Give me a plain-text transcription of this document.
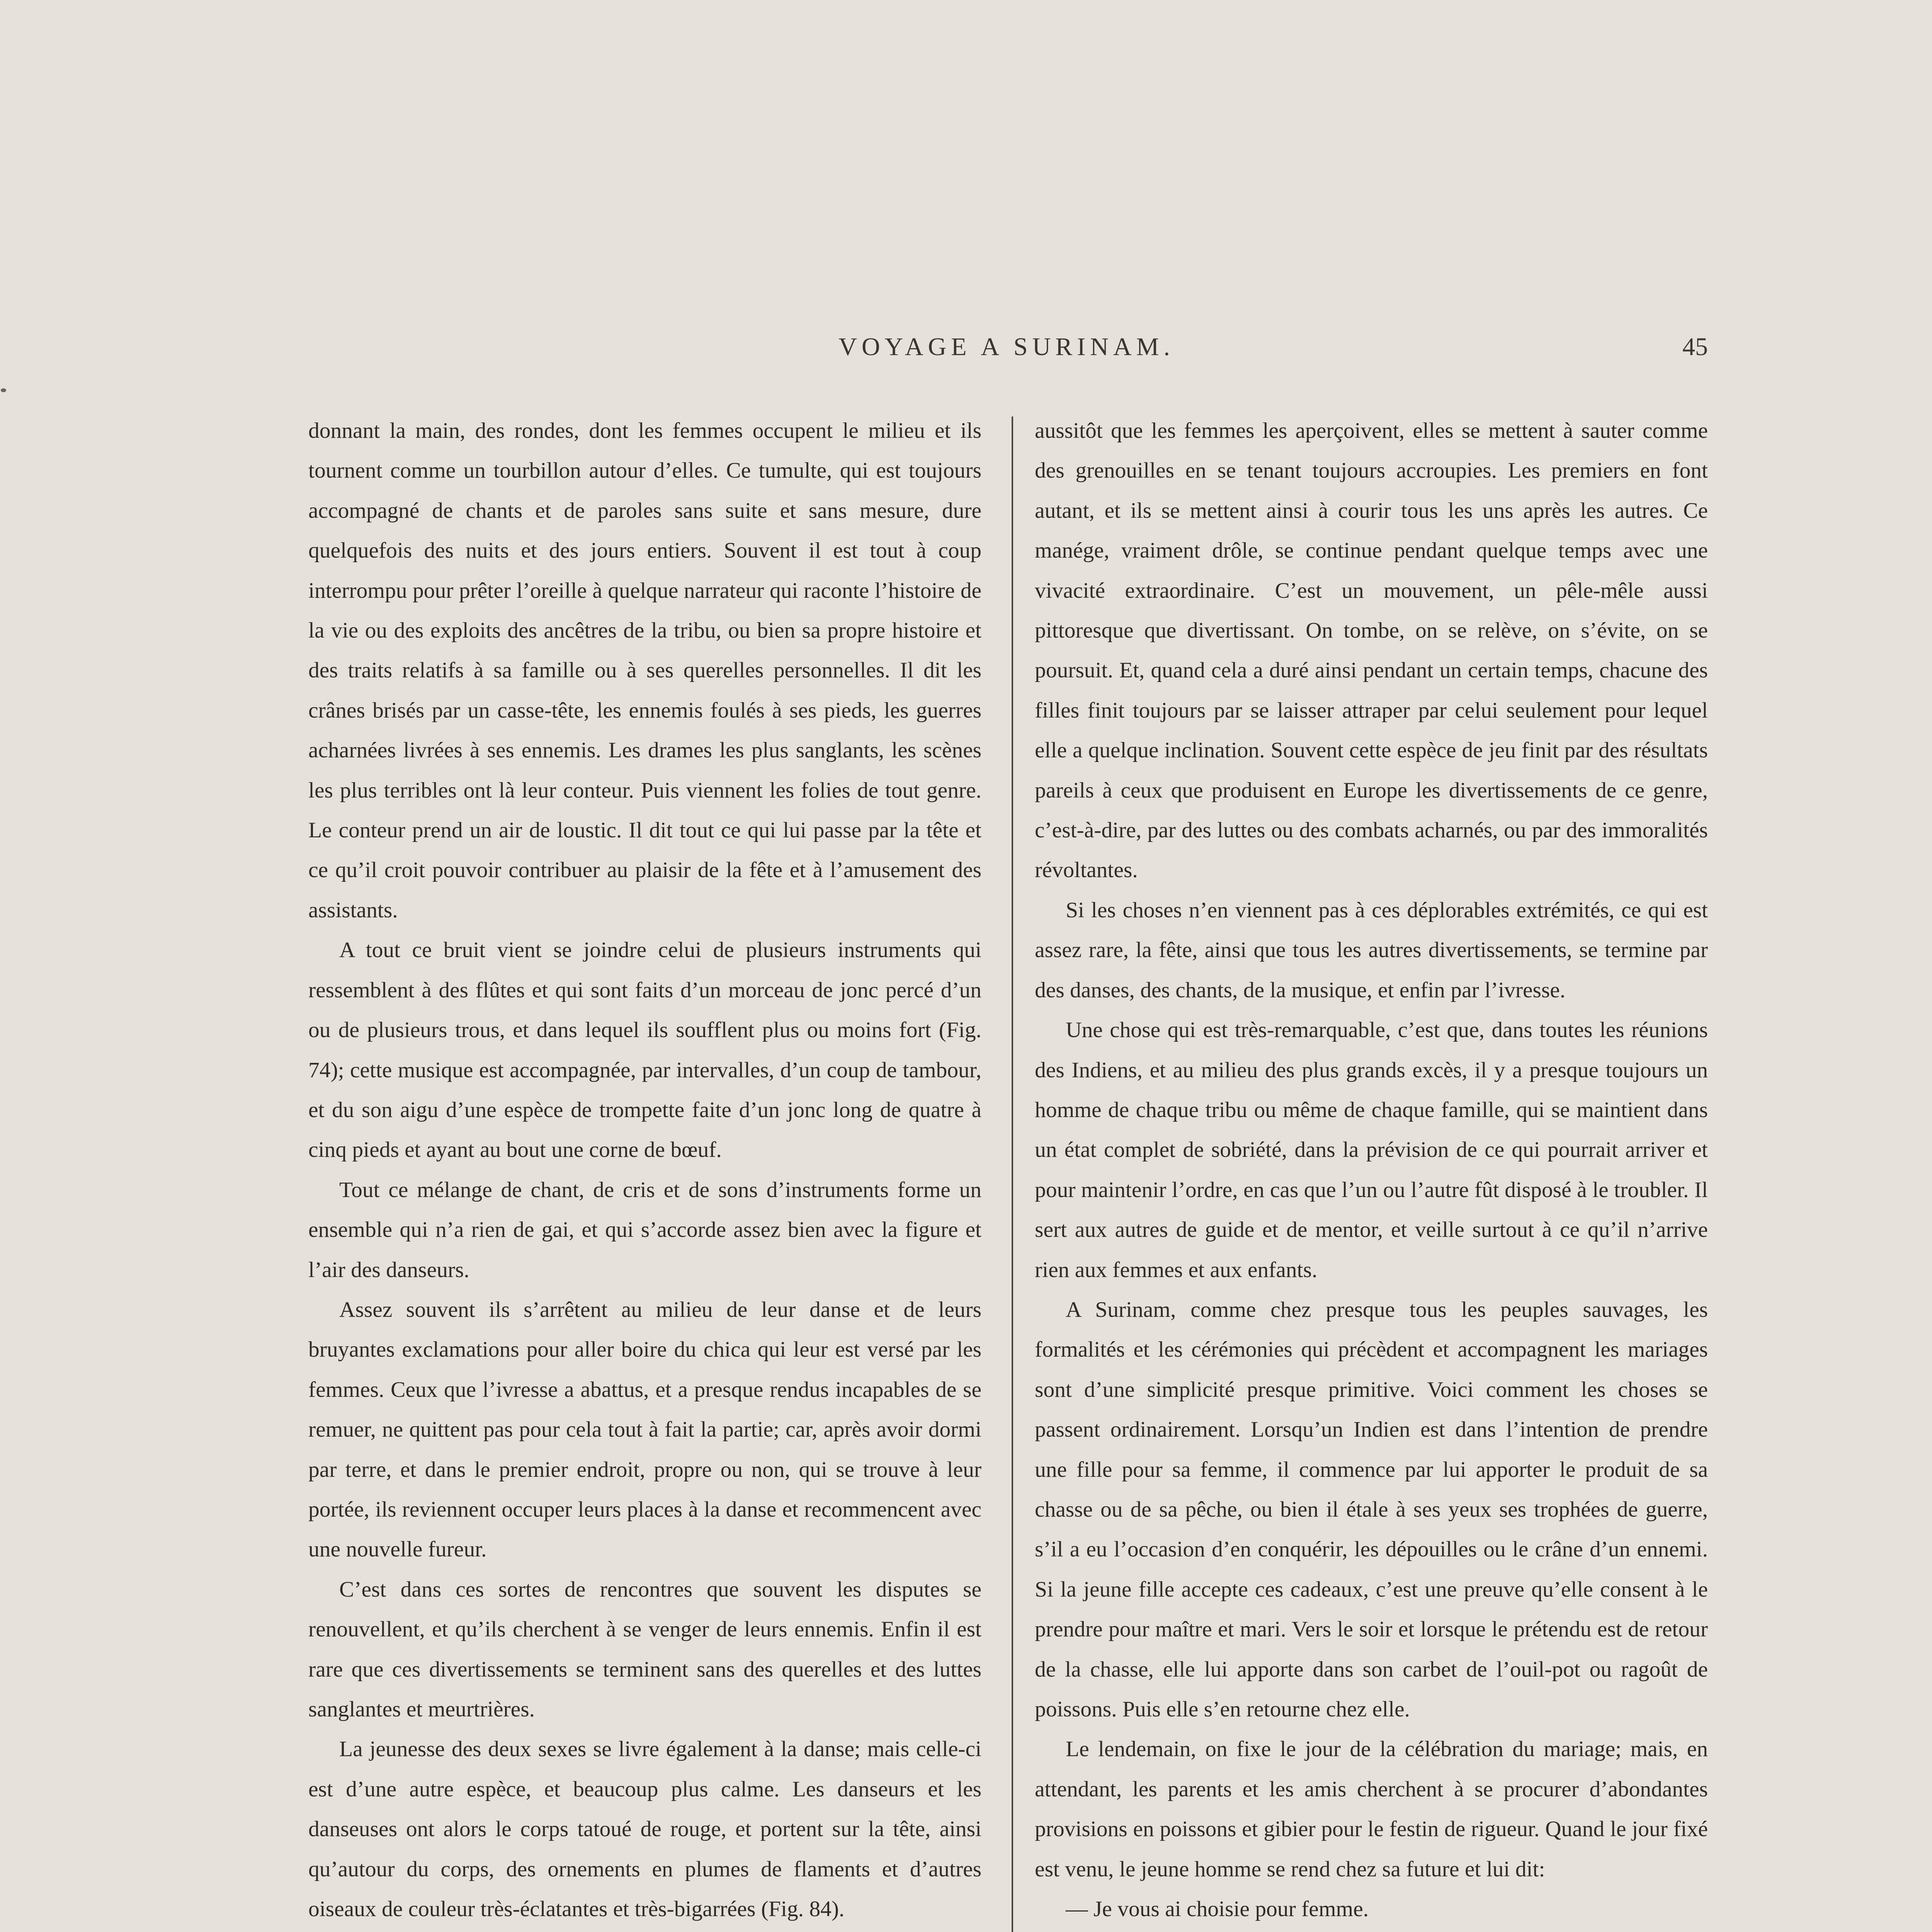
VOYAGE A SURINAM.	45

donnant la main, des rondes, dont les femmes occupent le milieu et ils tournent comme un tourbillon autour d’elles. Ce tumulte, qui est toujours accompagné de chants et de paroles sans suite et sans mesure, dure quelquefois des nuits et des jours entiers. Souvent il est tout à coup interrompu pour prêter l’oreille à quelque narrateur qui raconte l’histoire de la vie ou des exploits des ancêtres de la tribu, ou bien sa propre histoire et des traits relatifs à sa famille ou à ses querelles personnelles. Il dit les crânes brisés par un casse-tête, les ennemis foulés à ses pieds, les guerres acharnées livrées à ses ennemis. Les drames les plus sanglants, les scènes les plus terribles ont là leur conteur. Puis viennent les folies de tout genre. Le conteur prend un air de loustic. Il dit tout ce qui lui passe par la tête et ce qu’il croit pouvoir contribuer au plaisir de la fête et à l’amusement des assistants.

A tout ce bruit vient se joindre celui de plusieurs instruments qui ressemblent à des flûtes et qui sont faits d’un morceau de jonc percé d’un ou de plusieurs trous, et dans lequel ils soufflent plus ou moins fort (Fig. 74); cette musique est accompagnée, par intervalles, d’un coup de tambour, et du son aigu d’une espèce de trompette faite d’un jonc long de quatre à cinq pieds et ayant au bout une corne de bœuf.

Tout ce mélange de chant, de cris et de sons d’instruments forme un ensemble qui n’a rien de gai, et qui s’accorde assez bien avec la figure et l’air des danseurs.

Assez souvent ils s’arrêtent au milieu de leur danse et de leurs bruyantes exclamations pour aller boire du chica qui leur est versé par les femmes. Ceux que l’ivresse a abattus, et a presque rendus incapables de se remuer, ne quittent pas pour cela tout à fait la partie; car, après avoir dormi par terre, et dans le premier endroit, propre ou non, qui se trouve à leur portée, ils reviennent occuper leurs places à la danse et recommencent avec une nouvelle fureur.

C’est dans ces sortes de rencontres que souvent les disputes se renouvellent, et qu’ils cherchent à se venger de leurs ennemis. Enfin il est rare que ces divertissements se terminent sans des querelles et des luttes sanglantes et meurtrières.

La jeunesse des deux sexes se livre également à la danse; mais celle-ci est d’une autre espèce, et beaucoup plus calme. Les danseurs et les danseuses ont alors le corps tatoué de rouge, et portent sur la tête, ainsi qu’autour du corps, des ornements en plumes de flaments et d’autres oiseaux de couleur très-éclatantes et très-bigarrées (Fig. 84).

aussitôt que les femmes les aperçoivent, elles se mettent à sauter comme des grenouilles en se tenant toujours accroupies. Les premiers en font autant, et ils se mettent ainsi à courir tous les uns après les autres. Ce manége, vraiment drôle, se continue pendant quelque temps avec une vivacité extraordinaire. C’est un mouvement, un pêle-mêle aussi pittoresque que divertissant. On tombe, on se relève, on s’évite, on se poursuit. Et, quand cela a duré ainsi pendant un certain temps, chacune des filles finit toujours par se laisser attraper par celui seulement pour lequel elle a quelque inclination. Souvent cette espèce de jeu finit par des résultats pareils à ceux que produisent en Europe les divertissements de ce genre, c’est-à-dire, par des luttes ou des combats acharnés, ou par des immoralités révoltantes.

Si les choses n’en viennent pas à ces déplorables extrémités, ce qui est assez rare, la fête, ainsi que tous les autres divertissements, se termine par des danses, des chants, de la musique, et enfin par l’ivresse.

Une chose qui est très-remarquable, c’est que, dans toutes les réunions des Indiens, et au milieu des plus grands excès, il y a presque toujours un homme de chaque tribu ou même de chaque famille, qui se maintient dans un état complet de sobriété, dans la prévision de ce qui pourrait arriver et pour maintenir l’ordre, en cas que l’un ou l’autre fût disposé à le troubler. Il sert aux autres de guide et de mentor, et veille surtout à ce qu’il n’arrive rien aux femmes et aux enfants.

A Surinam, comme chez presque tous les peuples sauvages, les formalités et les cérémonies qui précèdent et accompagnent les mariages sont d’une simplicité presque primitive. Voici comment les choses se passent ordinairement. Lorsqu’un Indien est dans l’intention de prendre une fille pour sa femme, il commence par lui apporter le produit de sa chasse ou de sa pêche, ou bien il étale à ses yeux ses trophées de guerre, s’il a eu l’occasion d’en conquérir, les dépouilles ou le crâne d’un ennemi. Si la jeune fille accepte ces cadeaux, c’est une preuve qu’elle consent à le prendre pour maître et mari. Vers le soir et lorsque le prétendu est de retour de la chasse, elle lui apporte dans son carbet de l’ouil-pot ou ragoût de poissons. Puis elle s’en retourne chez elle.

Le lendemain, on fixe le jour de la célébration du mariage; mais, en attendant, les parents et les amis cherchent à se procurer d’abondantes provisions en poissons et gibier pour le festin de rigueur. Quand le jour fixé est venu, le jeune homme se rend chez sa future et lui dit:

— Je vous ai choisie pour femme.
